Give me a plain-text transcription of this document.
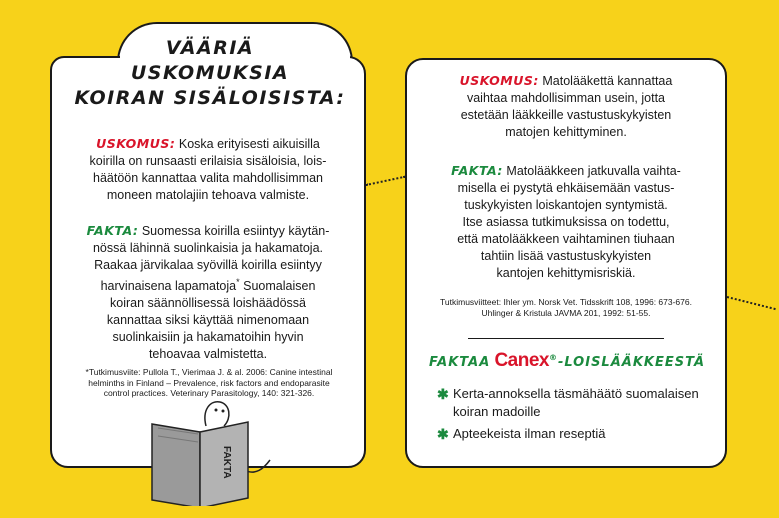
VÄÄRIÄ
USKOMUKSIA
KOIRAN SISÄLOISISTA:
USKOMUS: Koska erityisesti aikuisilla
koirilla on runsaasti erilaisia sisäloisia, lois-
häätöön kannattaa valita mahdollisimman
moneen matolajiin tehoava valmiste.
FAKTA: Suomessa koirilla esiintyy käytän-
nössä lähinnä suolinkaisia ja hakamatoja.
Raakaa järvikalaa syövillä koirilla esiintyy
harvinaisena lapamatoja* Suomalaisen
koiran säännöllisessä loishäädössä
kannattaa siksi käyttää nimenomaan
suolinkaisiin ja hakamatoihin hyvin
tehoavaa valmistetta.
*Tutkimusviite: Pullola T., Vierimaa J. & al. 2006: Canine intestinal
helminths in Finland – Prevalence, risk factors and endoparasite
control practices. Veterinary Parasitology, 140: 321-326.
FAKTA
USKOMUS: Matolääkettä kannattaa
vaihtaa mahdollisimman usein, jotta
estetään lääkkeille vastustuskykyisten
matojen kehittyminen.
FAKTA: Matolääkkeen jatkuvalla vaihta-
misella ei pystytä ehkäisemään vastus-
tuskykyisten loiskantojen syntymistä.
Itse asiassa tutkimuksissa on todettu,
että matolääkkeen vaihtaminen tiuhaan
tahtiin lisää vastustuskykyisten
kantojen kehittymisriskiä.
Tutkimusviitteet: Ihler ym. Norsk Vet. Tidsskrift 108, 1996: 673-676.
Uhlinger & Kristula JAVMA 201, 1992: 51-55.
FAKTAA Canex®-LOISLÄÄKKEESTÄ
✱ Kerta-annoksella täsmähäätö suomalaisen koiran madoille
✱ Apteekeista ilman reseptiä
